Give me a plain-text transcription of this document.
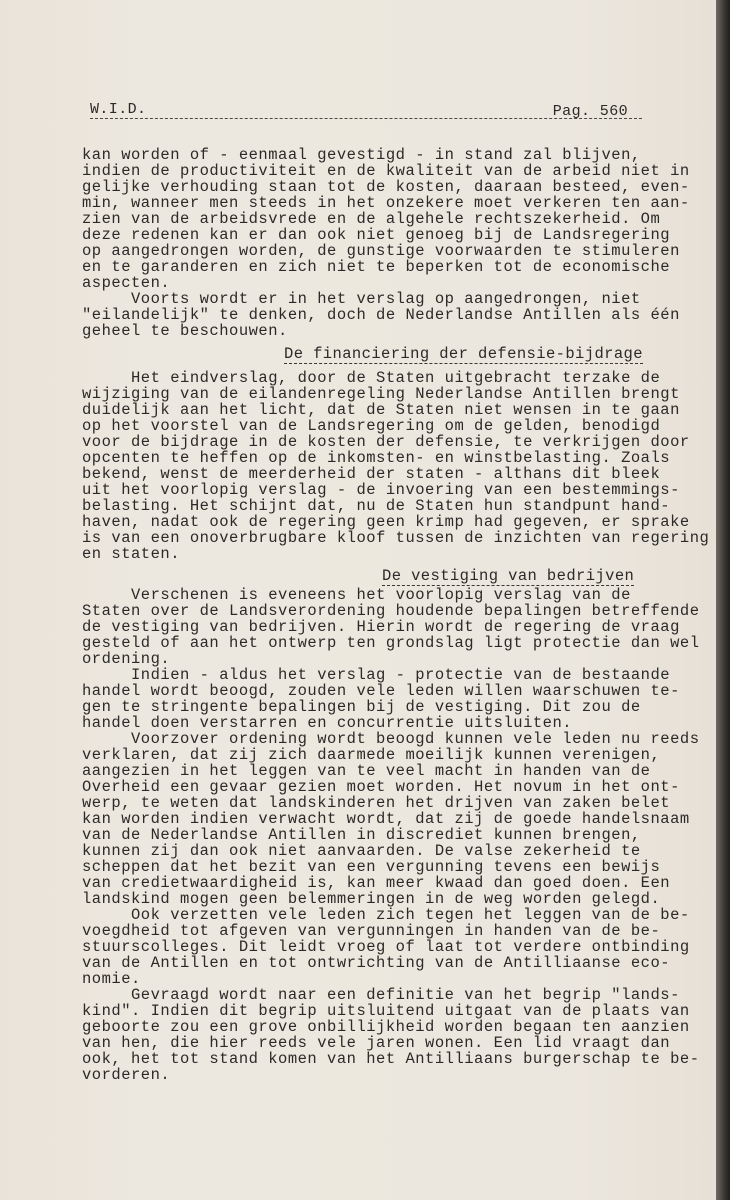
W.I.D.	Pag. 560
kan worden of - eenmaal gevestigd - in stand zal blijven,
indien de productiviteit en de kwaliteit van de arbeid niet in
gelijke verhouding staan tot de kosten, daaraan besteed, even-
min, wanneer men steeds in het onzekere moet verkeren ten aan-
zien van de arbeidsvrede en de algehele rechtszekerheid. Om
deze redenen kan er dan ook niet genoeg bij de Landsregering
op aangedrongen worden, de gunstige voorwaarden te stimuleren
en te garanderen en zich niet te beperken tot de economische
aspecten.
Voorts wordt er in het verslag op aangedrongen, niet
"eilandelijk" te denken, doch de Nederlandse Antillen als één
geheel te beschouwen.
De financiering der defensie-bijdrage
Het eindverslag, door de Staten uitgebracht terzake de
wijziging van de eilandenregeling Nederlandse Antillen brengt
duidelijk aan het licht, dat de Staten niet wensen in te gaan
op het voorstel van de Landsregering om de gelden, benodigd
voor de bijdrage in de kosten der defensie, te verkrijgen door
opcenten te heffen op de inkomsten- en winstbelasting. Zoals
bekend, wenst de meerderheid der staten - althans dit bleek
uit het voorlopig verslag - de invoering van een bestemmings-
belasting. Het schijnt dat, nu de Staten hun standpunt hand-
haven, nadat ook de regering geen krimp had gegeven, er sprake
is van een onoverbrugbare kloof tussen de inzichten van regering
en staten.
De vestiging van bedrijven
Verschenen is eveneens het voorlopig verslag van de
Staten over de Landsverordening houdende bepalingen betreffende
de vestiging van bedrijven. Hierin wordt de regering de vraag
gesteld of aan het ontwerp ten grondslag ligt protectie dan wel
ordening.
Indien - aldus het verslag - protectie van de bestaande
handel wordt beoogd, zouden vele leden willen waarschuwen te-
gen te stringente bepalingen bij de vestiging. Dit zou de
handel doen verstarren en concurrentie uitsluiten.
Voorzover ordening wordt beoogd kunnen vele leden nu reeds
verklaren, dat zij zich daarmede moeilijk kunnen verenigen,
aangezien in het leggen van te veel macht in handen van de
Overheid een gevaar gezien moet worden. Het novum in het ont-
werp, te weten dat landskinderen het drijven van zaken belet
kan worden indien verwacht wordt, dat zij de goede handelsnaam
van de Nederlandse Antillen in discrediet kunnen brengen,
kunnen zij dan ook niet aanvaarden. De valse zekerheid te
scheppen dat het bezit van een vergunning tevens een bewijs
van credietwaardigheid is, kan meer kwaad dan goed doen. Een
landskind mogen geen belemmeringen in de weg worden gelegd.
Ook verzetten vele leden zich tegen het leggen van de be-
voegdheid tot afgeven van vergunningen in handen van de be-
stuurscolleges. Dit leidt vroeg of laat tot verdere ontbinding
van de Antillen en tot ontwrichting van de Antilliaanse eco-
nomie.
Gevraagd wordt naar een definitie van het begrip "lands-
kind". Indien dit begrip uitsluitend uitgaat van de plaats van
geboorte zou een grove onbillijkheid worden begaan ten aanzien
van hen, die hier reeds vele jaren wonen. Een lid vraagt dan
ook, het tot stand komen van het Antilliaans burgerschap te be-
vorderen.
